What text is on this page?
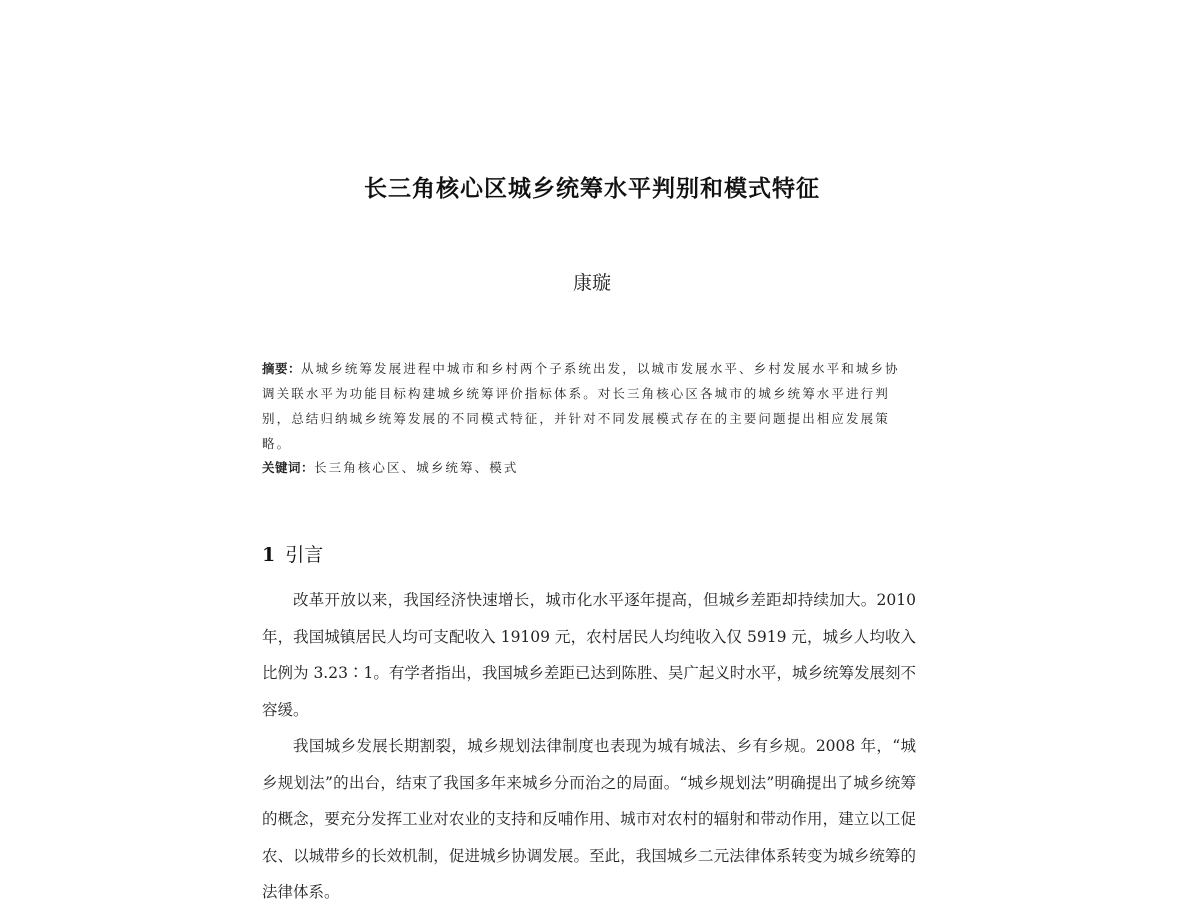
长三角核心区城乡统筹水平判别和模式特征
康璇
摘要：从城乡统筹发展进程中城市和乡村两个子系统出发，以城市发展水平、乡村发展水平和城乡协调关联水平为功能目标构建城乡统筹评价指标体系。对长三角核心区各城市的城乡统筹水平进行判别，总结归纳城乡统筹发展的不同模式特征，并针对不同发展模式存在的主要问题提出相应发展策略。
关键词：长三角核心区、城乡统筹、模式
1 引言

改革开放以来，我国经济快速增长，城市化水平逐年提高，但城乡差距却持续加大。2010年，我国城镇居民人均可支配收入 19109 元，农村居民人均纯收入仅 5919 元，城乡人均收入比例为 3.23∶1。有学者指出，我国城乡差距已达到陈胜、吴广起义时水平，城乡统筹发展刻不容缓。

我国城乡发展长期割裂，城乡规划法律制度也表现为城有城法、乡有乡规。2008 年，“城乡规划法”的出台，结束了我国多年来城乡分而治之的局面。“城乡规划法”明确提出了城乡统筹的概念，要充分发挥工业对农业的支持和反哺作用、城市对农村的辐射和带动作用，建立以工促农、以城带乡的长效机制，促进城乡协调发展。至此，我国城乡二元法律体系转变为城乡统筹的法律体系。
